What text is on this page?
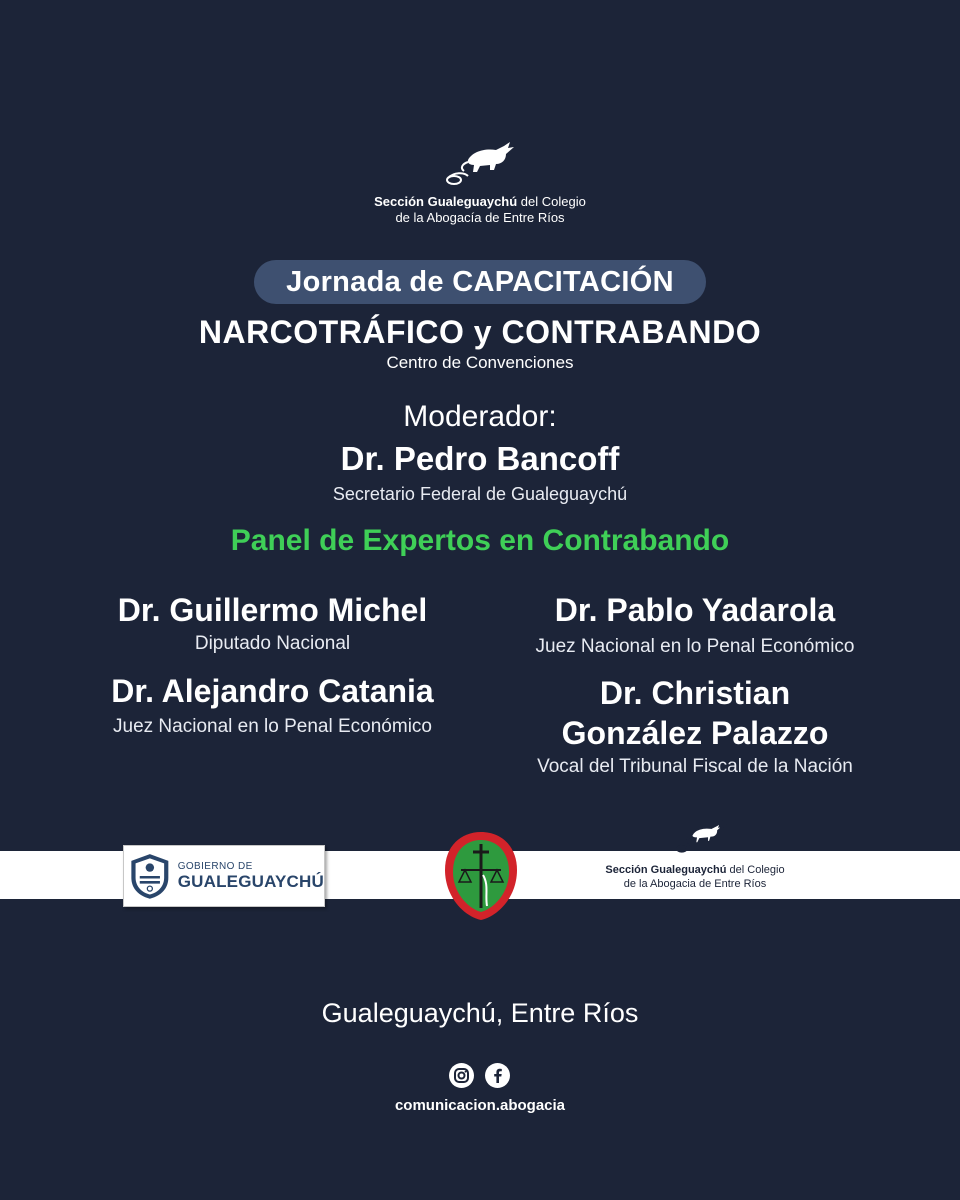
Sección Gualeguaychú del Colegio
de la Abogacía de Entre Ríos
Jornada de CAPACITACIÓN
NARCOTRÁFICO y CONTRABANDO
Centro de Convenciones
Moderador:
Dr. Pedro Bancoff
Secretario Federal de Gualeguaychú
Panel de Expertos en Contrabando
Dr. Guillermo Michel
Diputado Nacional
Dr. Pablo Yadarola
Juez Nacional en lo Penal Económico
Dr. Alejandro Catania
Juez Nacional en lo Penal Económico
Dr. Christian
González Palazzo
Vocal del Tribunal Fiscal de la Nación
GOBIERNO DE
GUALEGUAYCHÚ
Sección Gualeguaychú del Colegio
de la Abogacia de Entre Ríos
Gualeguaychú, Entre Ríos
comunicacion.abogacia
